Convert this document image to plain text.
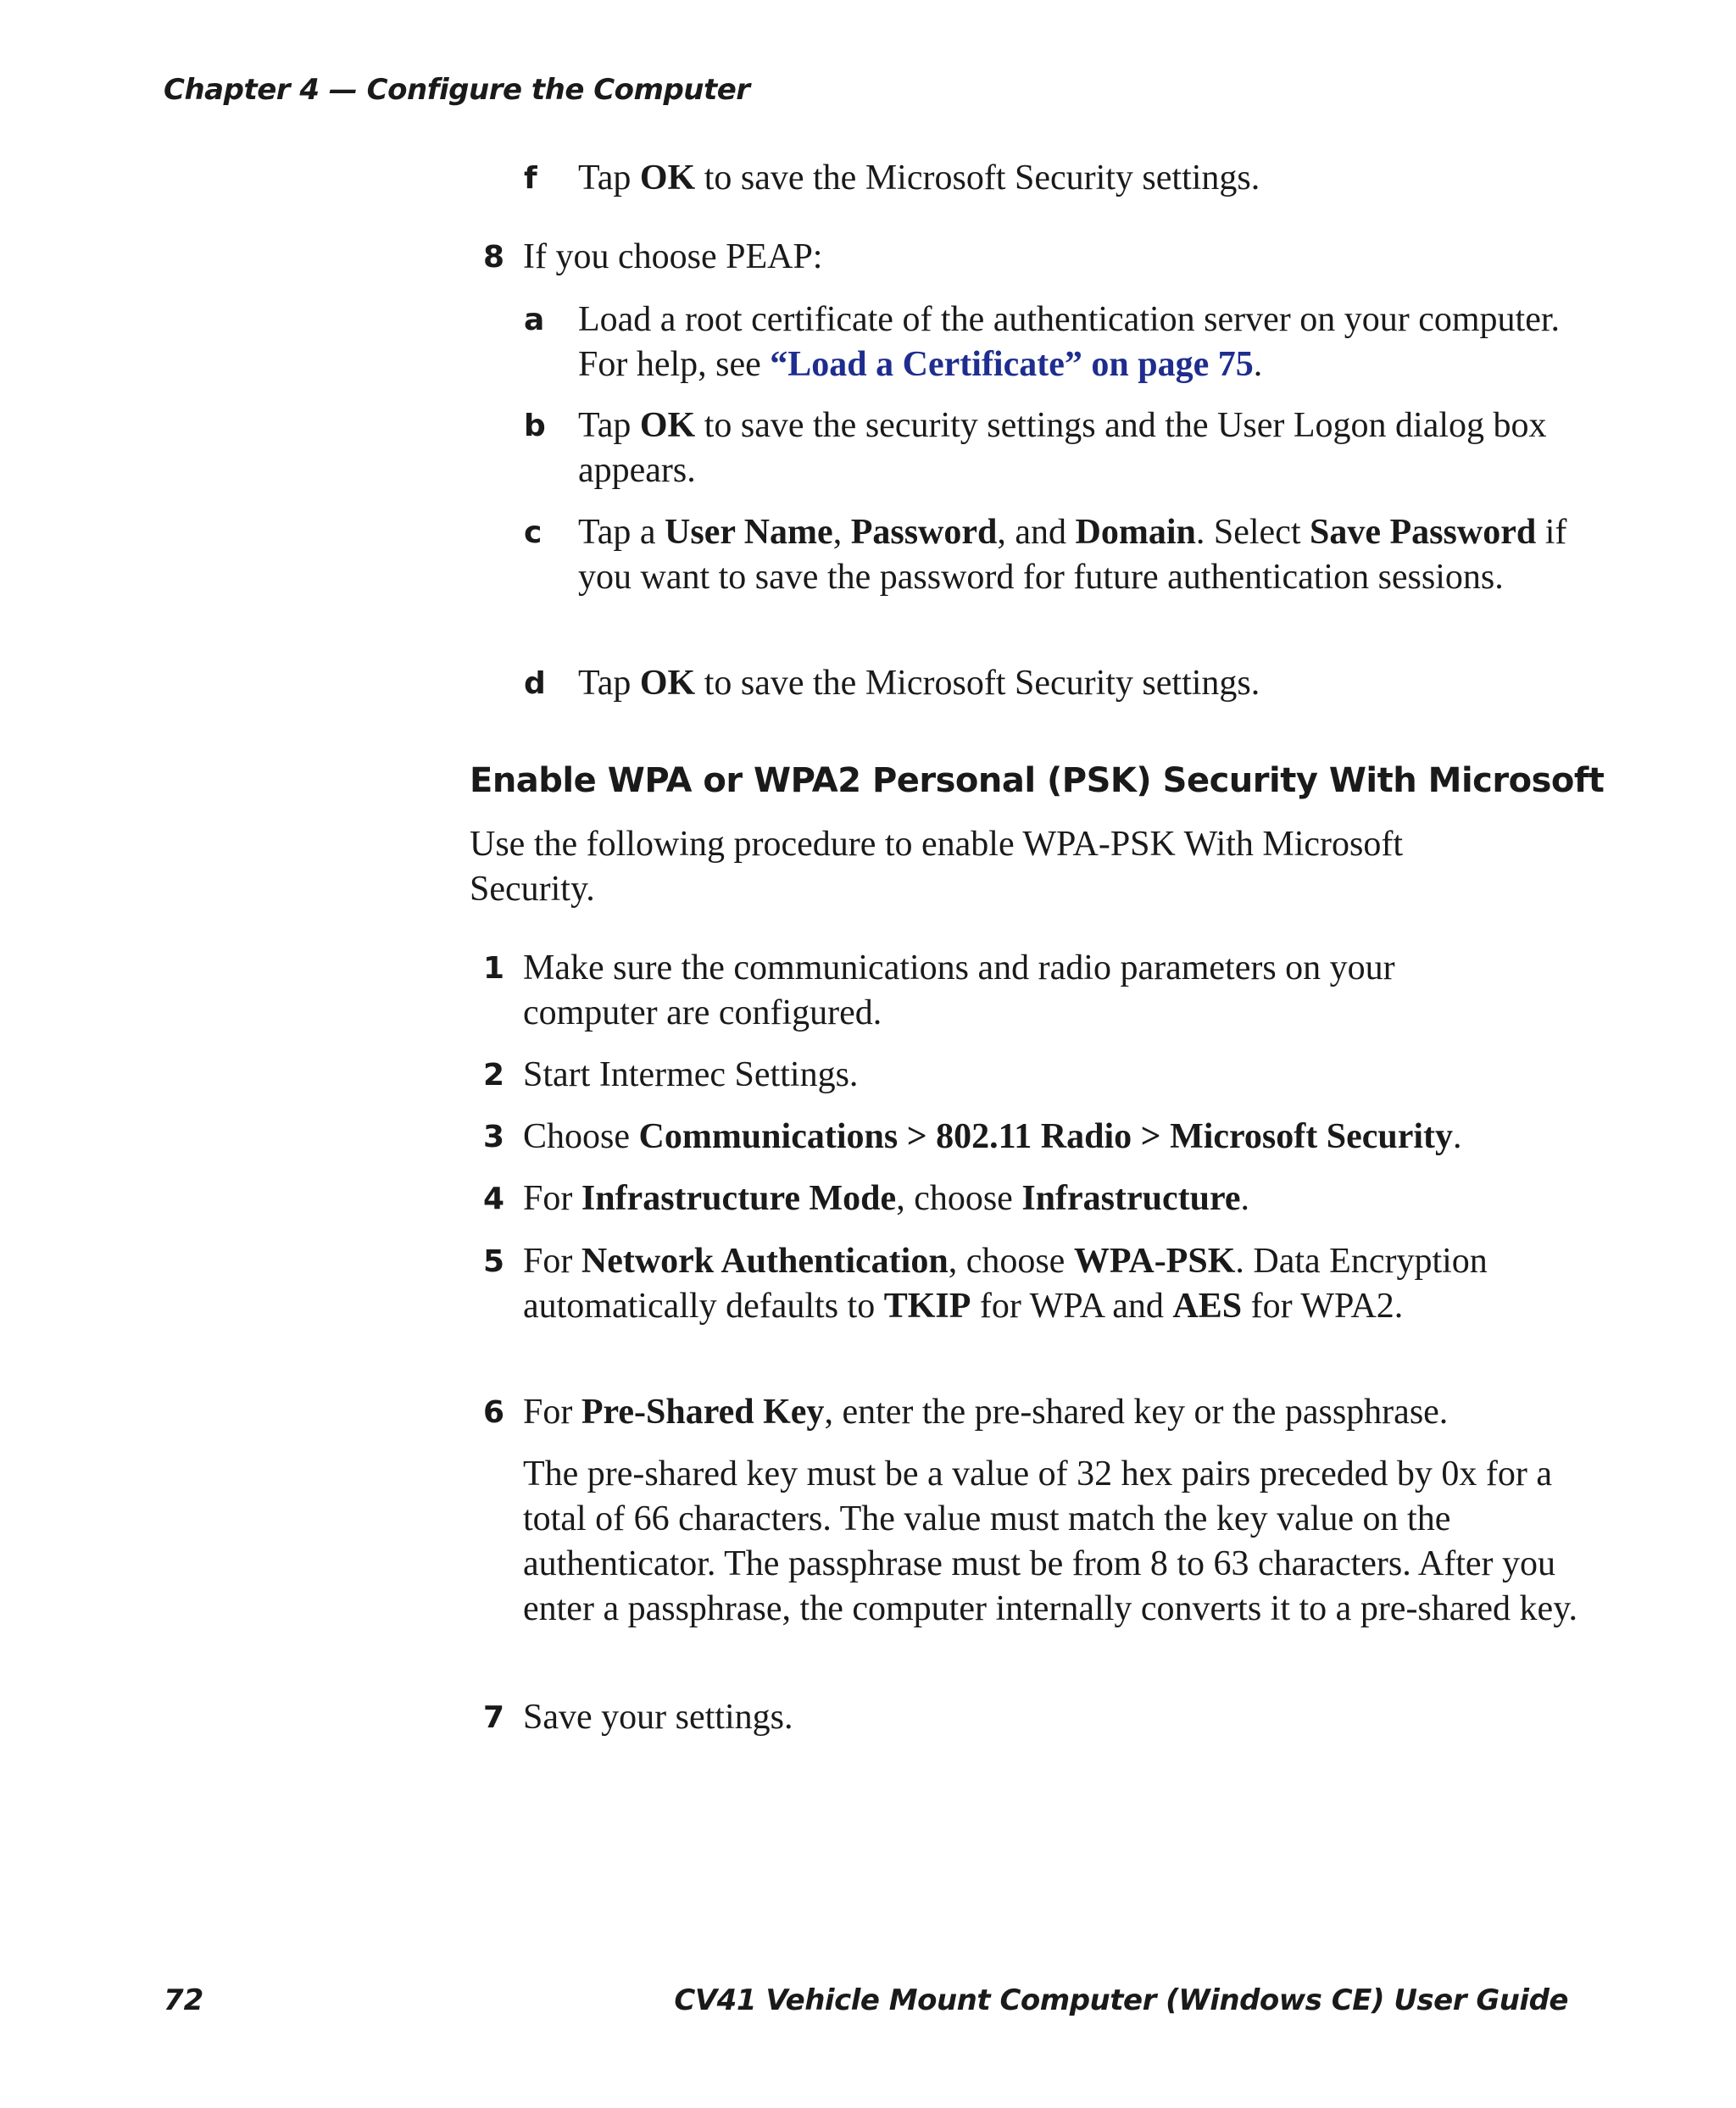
Chapter 4 — Configure the Computer
f Tap OK to save the Microsoft Security settings.
8 If you choose PEAP:
a Load a root certificate of the authentication server on your computer. For help, see “Load a Certificate” on page 75.
b Tap OK to save the security settings and the User Logon dialog box appears.
c Tap a User Name, Password, and Domain. Select Save Password if you want to save the password for future authentication sessions.
d Tap OK to save the Microsoft Security settings.
Enable WPA or WPA2 Personal (PSK) Security With Microsoft
Use the following procedure to enable WPA-PSK With Microsoft Security.
1 Make sure the communications and radio parameters on your computer are configured.
2 Start Intermec Settings.
3 Choose Communications > 802.11 Radio > Microsoft Security.
4 For Infrastructure Mode, choose Infrastructure.
5 For Network Authentication, choose WPA-PSK. Data Encryption automatically defaults to TKIP for WPA and AES for WPA2.
6 For Pre-Shared Key, enter the pre-shared key or the passphrase.
The pre-shared key must be a value of 32 hex pairs preceded by 0x for a total of 66 characters. The value must match the key value on the authenticator. The passphrase must be from 8 to 63 characters. After you enter a passphrase, the computer internally converts it to a pre-shared key.
7 Save your settings.
72	CV41 Vehicle Mount Computer (Windows CE) User Guide
